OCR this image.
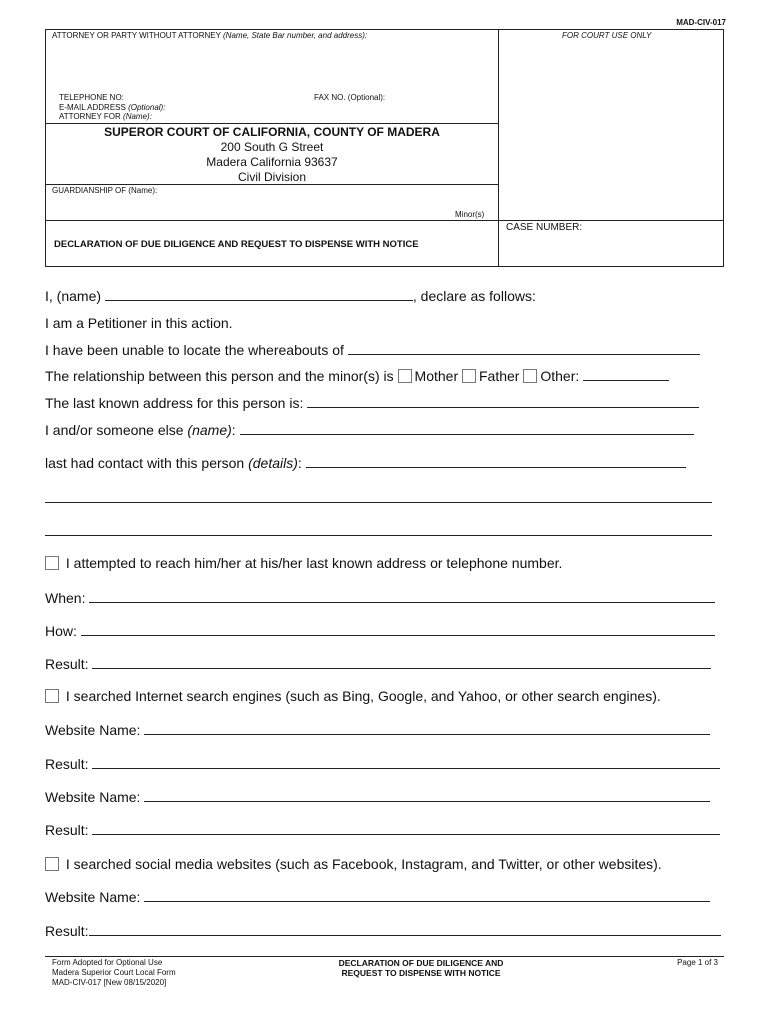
MAD-CIV-017
ATTORNEY OR PARTY WITHOUT ATTORNEY (Name, State Bar number, and address):	FOR COURT USE ONLY
TELEPHONE NO:	FAX NO. (Optional):
E-MAIL ADDRESS (Optional):
ATTORNEY FOR (Name):
SUPEROR COURT OF CALIFORNIA, COUNTY OF MADERA
200 South G Street
Madera California 93637
Civil Division
GUARDIANSHIP OF (Name):
Minor(s)
CASE NUMBER:
DECLARATION OF DUE DILIGENCE AND REQUEST TO DISPENSE WITH NOTICE
I, (name)	, declare as follows:
I am a Petitioner in this action.
I have been unable to locate the whereabouts of
The relationship between this person and the minor(s) is Mother Father Other:
The last known address for this person is:
I and/or someone else (name):
last had contact with this person (details):
I attempted to reach him/her at his/her last known address or telephone number.
When:
How:
Result:
I searched Internet search engines (such as Bing, Google, and Yahoo, or other search engines).
Website Name:
Result:
Website Name:
Result:
I searched social media websites (such as Facebook, Instagram, and Twitter, or other websites).
Website Name:
Result:
Form Adopted for Optional Use
Madera Superior Court Local Form
MAD-CIV-017 [New 08/15/2020]
DECLARATION OF DUE DILIGENCE AND
REQUEST TO DISPENSE WITH NOTICE
Page 1 of 3
